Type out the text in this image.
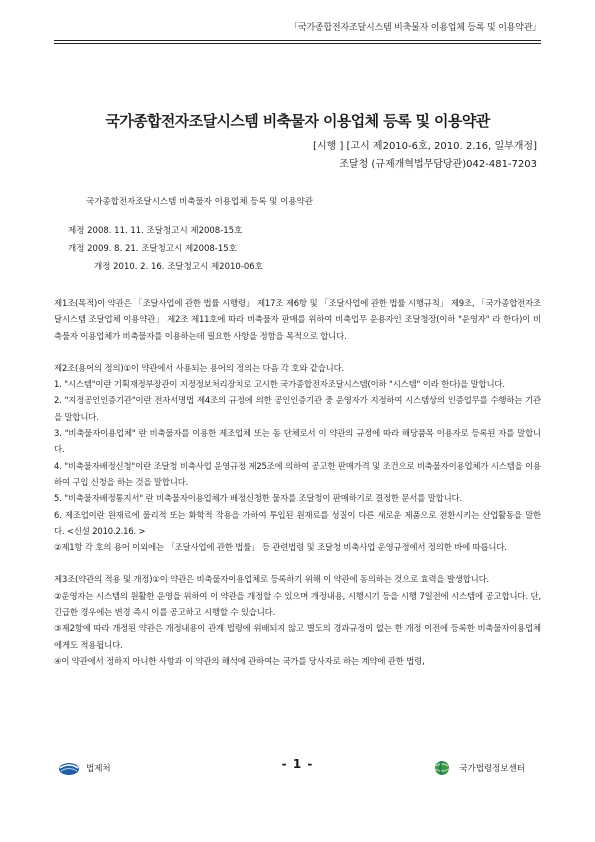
「국가종합전자조달시스템 비축물자 이용업체 등록 및 이용약관」
국가종합전자조달시스템 비축물자 이용업체 등록 및 이용약관
[시행 ] [고시 제2010-6호, 2010. 2.16, 일부개정]
조달청 (규제개혁법무담당관)042-481-7203
국가종합전자조달시스템 비축물자 이용업체 등록 및 이용약관
제정 2008. 11. 11. 조달청고시 제2008-15호
개정 2009. 8. 21. 조달청고시 제2008-15호
개정 2010. 2. 16. 조달청고시 제2010-06호

제1조(목적)이 약관은 「조달사업에 관한 법률 시행령」 제17조 제6항 및 「조달사업에 관한 법률 시행규칙」 제9조, 「국가종합전자조달시스템 조달업체 이용약관」 제2조 제11호에 따라 비축물자 판매를 위하여 비축업무 운용자인 조달청장(이하 "운영자" 라 한다)이 비축물자 이용업체가 비축물자를 이용하는데 필요한 사항을 정함을 목적으로 합니다.

제2조(용어의 정의)①이 약관에서 사용되는 용어의 정의는 다음 각 호와 같습니다.

1. "시스템"이란 기획재정부장관이 지정정보처리장치로 고시한 국가종합전자조달시스템(이하 "시스템" 이라 한다)을 말합니다.

2. "지정공인인증기관"이란 전자서명법 제4조의 규정에 의한 공인인증기관 중 운영자가 지정하여 시스템상의 인증업무를 수행하는 기관을 말합니다.

3. "비축물자이용업체" 란 비축물자를 이용한 제조업체 또는 동 단체로서 이 약관의 규정에 따라 해당품목 이용자로 등록된 자를 말합니다.

4. "비축물자배정신청"이란 조달청 비축사업 운영규정 제25조에 의하여 공고한 판매가격 및 조건으로 비축물자이용업체가 시스템을 이용하여 구입 신청을 하는 것을 말합니다.

5. "비축물자배정통지서" 란 비축물자이용업체가 배정신청한 물자를 조달청이 판매하기로 결정한 문서를 말합니다.

6. 제조업이란 원재료에 물리적 또는 화학적 작용을 가하여 투입된 원재료를 성질이 다른 새로운 제품으로 전환시키는 산업활동을 말한다. <신설 2010.2.16. >

②제1항 각 호의 용어 이외에는 「조달사업에 관한 법률」 등 관련법령 및 조달청 비축사업 운영규정에서 정의한 바에 따릅니다.

제3조(약관의 적용 및 개정)①이 약관은 비축물자이용업체로 등록하기 위해 이 약관에 동의하는 것으로 효력을 발생합니다.

②운영자는 시스템의 원활한 운영을 위하여 이 약관을 개정할 수 있으며 개정내용, 시행시기 등을 시행 7일전에 시스템에 공고합니다. 단, 긴급한 경우에는 변경 즉시 이를 공고하고 시행할 수 있습니다.

③제2항에 따라 개정된 약관은 개정내용이 관계 법령에 위배되지 않고 별도의 경과규정이 없는 한 개정 이전에 등록한 비축물자이용업체에게도 적용됩니다.

④이 약관에서 정하지 아니한 사항과 이 약관의 해석에 관하여는 국가를 당사자로 하는 계약에 관한 법령,

법제처	- 1 -	국가법령정보센터
